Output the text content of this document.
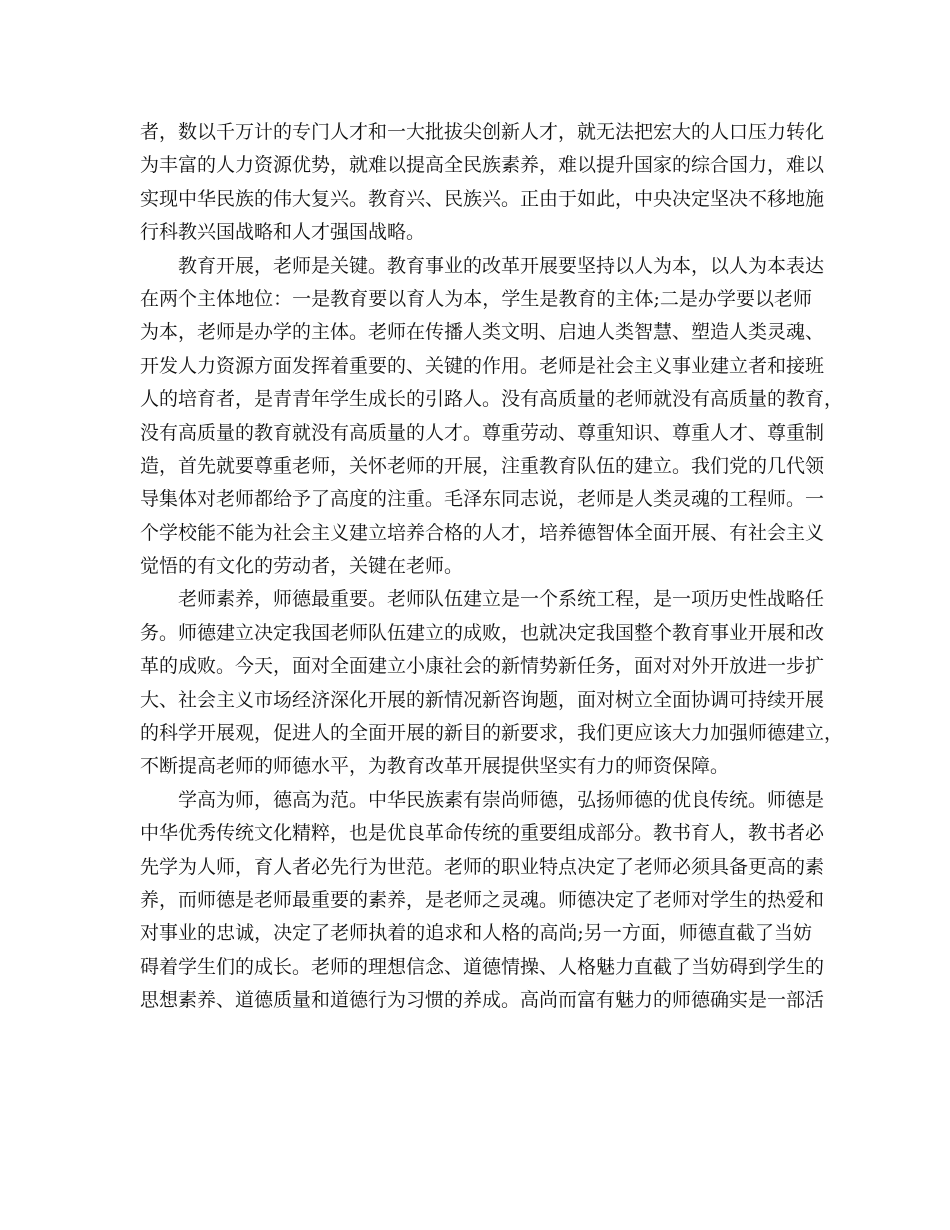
者，数以千万计的专门人才和一大批拔尖创新人才，就无法把宏大的人口压力转化
为丰富的人力资源优势，就难以提高全民族素养，难以提升国家的综合国力，难以
实现中华民族的伟大复兴。教育兴、民族兴。正由于如此，中央决定坚决不移地施
行科教兴国战略和人才强国战略。
教育开展，老师是关键。教育事业的改革开展要坚持以人为本，以人为本表达
在两个主体地位：一是教育要以育人为本，学生是教育的主体;二是办学要以老师
为本，老师是办学的主体。老师在传播人类文明、启迪人类智慧、塑造人类灵魂、
开发人力资源方面发挥着重要的、关键的作用。老师是社会主义事业建立者和接班
人的培育者，是青青年学生成长的引路人。没有高质量的老师就没有高质量的教育，
没有高质量的教育就没有高质量的人才。尊重劳动、尊重知识、尊重人才、尊重制
造，首先就要尊重老师，关怀老师的开展，注重教育队伍的建立。我们党的几代领
导集体对老师都给予了高度的注重。毛泽东同志说，老师是人类灵魂的工程师。一
个学校能不能为社会主义建立培养合格的人才，培养德智体全面开展、有社会主义
觉悟的有文化的劳动者，关键在老师。
老师素养，师德最重要。老师队伍建立是一个系统工程，是一项历史性战略任
务。师德建立决定我国老师队伍建立的成败，也就决定我国整个教育事业开展和改
革的成败。今天，面对全面建立小康社会的新情势新任务，面对对外开放进一步扩
大、社会主义市场经济深化开展的新情况新咨询题，面对树立全面协调可持续开展
的科学开展观，促进人的全面开展的新目的新要求，我们更应该大力加强师德建立，
不断提高老师的师德水平，为教育改革开展提供坚实有力的师资保障。
学高为师，德高为范。中华民族素有崇尚师德，弘扬师德的优良传统。师德是
中华优秀传统文化精粹，也是优良革命传统的重要组成部分。教书育人，教书者必
先学为人师，育人者必先行为世范。老师的职业特点决定了老师必须具备更高的素
养，而师德是老师最重要的素养，是老师之灵魂。师德决定了老师对学生的热爱和
对事业的忠诚，决定了老师执着的追求和人格的高尚;另一方面，师德直截了当妨
碍着学生们的成长。老师的理想信念、道德情操、人格魅力直截了当妨碍到学生的
思想素养、道德质量和道德行为习惯的养成。高尚而富有魅力的师德确实是一部活
